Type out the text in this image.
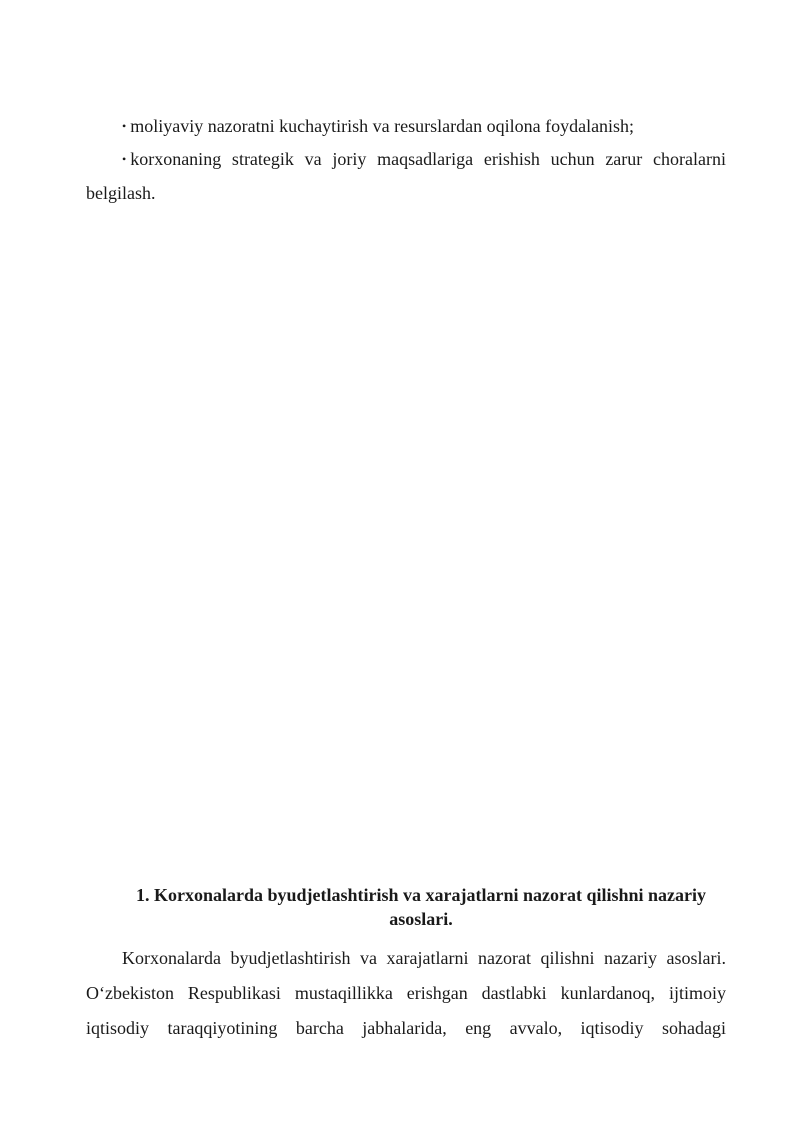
• moliyaviy nazoratni kuchaytirish va resurslardan oqilona foydalanish;
• korxonaning strategik va joriy maqsadlariga erishish uchun zarur choralarni
belgilash.
1. Korxonalarda byudjetlashtirish va xarajatlarni nazorat qilishni nazariy
asoslari.
Korxonalarda byudjetlashtirish va xarajatlarni nazorat qilishni nazariy asoslari.
O‘zbekiston Respublikasi mustaqillikka erishgan dastlabki kunlardanoq, ijtimoiy
iqtisodiy taraqqiyotining barcha jabhalarida, eng avvalo, iqtisodiy sohadagi
